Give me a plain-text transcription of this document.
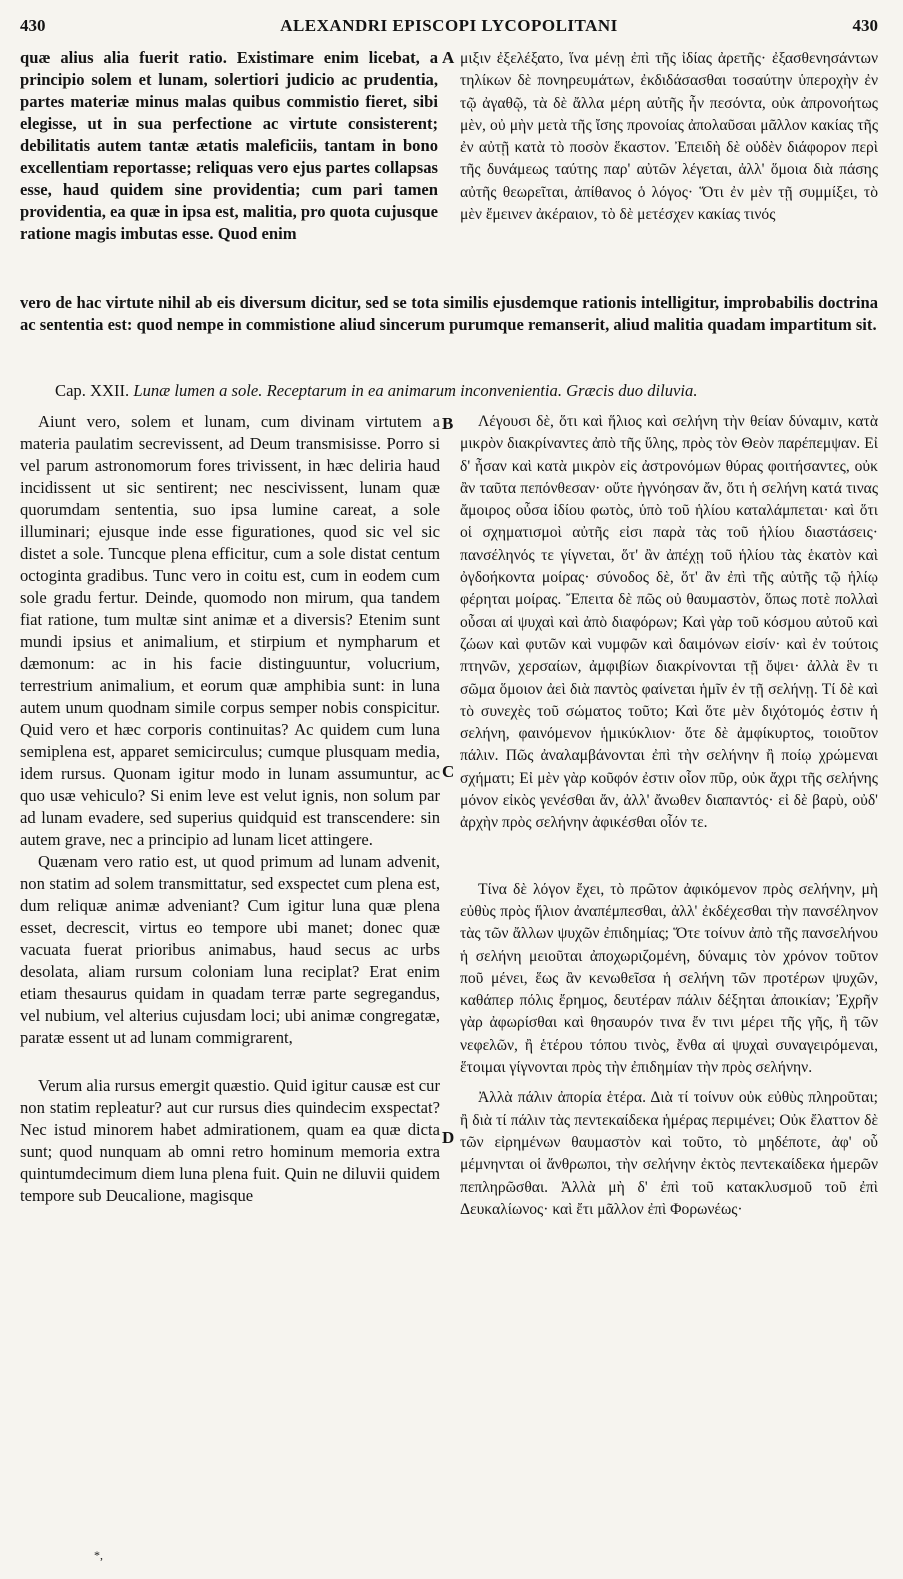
430	ALEXANDRI EPISCOPI LYCOPOLITANI	430

quæ alius alia fuerit ratio. Existimare enim licebat, a principio solem et lunam, solertiori judicio ac prudentia, partes materiæ minus malas quibus commistio fieret, sibi elegisse, ut in sua perfectione ac virtute consisterent; debilitatis autem tantæ ætatis maleficiis, tantam in bono excellentiam reportasse; reliquas vero ejus partes collapsas esse, haud quidem sine providentia; cum pari tamen providentia, ea quæ in ipsa est, malitia, pro quota cujusque ratione magis imbutas esse. Quod enim

A μιξιν ἐξελέξατο, ἵνα μένῃ ἐπὶ τῆς ἰδίας ἀρετῆς· ἐξασθενησάντων τηλίκων δὲ πονηρευμάτων, ἐκδιδάσασθαι τοσαύτην ὑπεροχὴν ἐν τῷ ἀγαθῷ, τὰ δὲ ἄλλα μέρη αὐτῆς ἦν πεσόντα, οὐκ ἀπρονοήτως μὲν, οὐ μὴν μετὰ τῆς ἴσης προνοίας ἀπολαῦσαι μᾶλλον κακίας τῆς ἐν αὐτῇ κατὰ τὸ ποσὸν ἕκαστον. Ἐπειδὴ δὲ οὐδὲν διάφορον περὶ τῆς δυνάμεως ταύτης παρ' αὐτῶν λέγεται, ἀλλ' ὅμοια διὰ πάσης αὐτῆς θεωρεῖται, ἀπίθανος ὁ λόγος· Ὅτι ἐν μὲν τῇ συμμίξει, τὸ μὲν ἔμεινεν ἀκέραιον, τὸ δὲ μετέσχεν κακίας τινός

vero de hac virtute nihil ab eis diversum dicitur, sed se tota similis ejusdemque rationis intelligitur, improbabilis doctrina ac sententia est: quod nempe in commistione aliud sincerum purumque remanserit, aliud malitia quadam impartitum sit.

Cap. XXII. Lunæ lumen a sole. Receptarum in ea animarum inconvenientia. Græcis duo diluvia.

Aiunt vero, solem et lunam, cum divinam virtutem a materia paulatim secrevissent, ad Deum transmisisse. Porro si vel parum astronomorum fores trivissent, in hæc deliria haud incidissent ut sic sentirent; nec nescivissent, lunam quæ quorumdam sententia, suo ipsa lumine careat, a sole illuminari; ejusque inde esse figurationes, quod sic vel sic distet a sole. Tuncque plena efficitur, cum a sole distat centum octoginta gradibus. Tunc vero in coitu est, cum in eodem cum sole gradu fertur. Deinde, quomodo non mirum, qua tandem fiat ratione, tum multæ sint animæ et a diversis? Etenim sunt mundi ipsius et animalium, et stirpium et nympharum et dæmonum: ac in his facie distinguuntur, volucrium, terrestrium animalium, et eorum quæ amphibia sunt: in luna autem unum quodnam simile corpus semper nobis conspicitur. Quid vero et hæc corporis continuitas? Ac quidem cum luna semiplena est, apparet semicirculus; cumque plusquam media, idem rursus. Quonam igitur modo in lunam assumuntur, ac quo usæ vehiculo? Si enim leve est velut ignis, non solum par ad lunam evadere, sed superius quidquid est transcendere: sin autem grave, nec a principio ad lunam licet attingere.

Quænam vero ratio est, ut quod primum ad lunam advenit, non statim ad solem transmittatur, sed exspectet cum plena est, dum reliquæ animæ adveniant? Cum igitur luna quæ plena esset, decrescit, virtus eo tempore ubi manet; donec quæ vacuata fuerat prioribus animabus, haud secus ac urbs desolata, aliam rursum coloniam luna reciplat? Erat enim etiam thesaurus quidam in quadam terræ parte segregandus, vel nubium, vel alterius cujusdam loci; ubi animæ congregatæ, paratæ essent ut ad lunam commigrarent,

Verum alia rursus emergit quæstio. Quid igitur causæ est cur non statim repleatur? aut cur rursus dies quindecim exspectat? Nec istud minorem habet admirationem, quam ea quæ dicta sunt; quod nunquam ab omni retro hominum memoria extra quintumdecimum diem luna plena fuit. Quin ne diluvii quidem tempore sub Deucalione, magisque

B
C
D

Λέγουσι δὲ, ὅτι καὶ ἥλιος καὶ σελήνη τὴν θείαν δύναμιν, κατὰ μικρὸν διακρίναντες ἀπὸ τῆς ὕλης, πρὸς τὸν Θεὸν παρέπεμψαν. Εἰ δ' ἦσαν καὶ κατὰ μικρὸν εἰς ἀστρονόμων θύρας φοιτήσαντες, οὐκ ἂν ταῦτα πεπόνθεσαν· οὔτε ἠγνόησαν ἄν, ὅτι ἡ σελήνη κατά τινας ἄμοιρος οὖσα ἰδίου φωτὸς, ὑπὸ τοῦ ἡλίου καταλάμπεται· καὶ ὅτι οἱ σχηματισμοὶ αὐτῆς εἰσι παρὰ τὰς τοῦ ἡλίου διαστάσεις· πανσέληνός τε γίγνεται, ὅτ' ἂν ἀπέχῃ τοῦ ἡλίου τὰς ἑκατὸν καὶ ὀγδοήκοντα μοίρας· σύνοδος δὲ, ὅτ' ἂν ἐπὶ τῆς αὐτῆς τῷ ἡλίῳ φέρηται μοίρας. Ἔπειτα δὲ πῶς οὐ θαυμαστὸν, ὅπως ποτὲ πολλαὶ οὖσαι αἱ ψυχαὶ καὶ ἀπὸ διαφόρων; Καὶ γὰρ τοῦ κόσμου αὐτοῦ καὶ ζώων καὶ φυτῶν καὶ νυμφῶν καὶ δαιμόνων εἰσίν· καὶ ἐν τούτοις πτηνῶν, χερσαίων, ἀμφιβίων διακρίνονται τῇ ὄψει· ἀλλὰ ἓν τι σῶμα ὅμοιον ἀεὶ διὰ παντὸς φαίνεται ἡμῖν ἐν τῇ σελήνῃ. Τί δὲ καὶ τὸ συνεχὲς τοῦ σώματος τοῦτο; Καὶ ὅτε μὲν διχότομός ἐστιν ἡ σελήνη, φαινόμενον ἡμικύκλιον· ὅτε δὲ ἀμφίκυρτος, τοιοῦτον πάλιν. Πῶς ἀναλαμβάνονται ἐπὶ τὴν σελήνην ἢ ποίῳ χρώμεναι σχήματι; Εἰ μὲν γὰρ κοῦφόν ἐστιν οἷον πῦρ, οὐκ ἄχρι τῆς σελήνης μόνον εἰκὸς γενέσθαι ἄν, ἀλλ' ἄνωθεν διαπαντός· εἰ δὲ βαρὺ, οὐδ' ἀρχὴν πρὸς σελήνην ἀφικέσθαι οἷόν τε.

Τίνα δὲ λόγον ἔχει, τὸ πρῶτον ἀφικόμενον πρὸς σελήνην, μὴ εὐθὺς πρὸς ἥλιον ἀναπέμπεσθαι, ἀλλ' ἐκδέχεσθαι τὴν πανσέληνον τὰς τῶν ἄλλων ψυχῶν ἐπιδημίας; Ὅτε τοίνυν ἀπὸ τῆς πανσελήνου ἡ σελήνη μειοῦται ἀποχωριζομένη, δύναμις τὸν χρόνον τοῦτον ποῦ μένει, ἕως ἂν κενωθεῖσα ἡ σελήνη τῶν προτέρων ψυχῶν, καθάπερ πόλις ἔρημος, δευτέραν πάλιν δέξηται ἀποικίαν; Ἐχρῆν γὰρ ἀφωρίσθαι καὶ θησαυρόν τινα ἔν τινι μέρει τῆς γῆς, ἢ τῶν νεφελῶν, ἢ ἑτέρου τόπου τινὸς, ἔνθα αἱ ψυχαὶ συναγειρόμεναι, ἕτοιμαι γίγνονται πρὸς τὴν ἐπιδημίαν τὴν πρὸς σελήνην.

Ἀλλὰ πάλιν ἀπορία ἑτέρα. Διὰ τί τοίνυν οὐκ εὐθὺς πληροῦται; ἢ διὰ τί πάλιν τὰς πεντεκαίδεκα ἡμέρας περιμένει; Οὐκ ἔλαττον δὲ τῶν εἰρημένων θαυμαστὸν καὶ τοῦτο, τὸ μηδέποτε, ἀφ' οὗ μέμνηνται οἱ ἄνθρωποι, τὴν σελήνην ἐκτὸς πεντεκαίδεκα ἡμερῶν πεπληρῶσθαι. Ἀλλὰ μὴ δ' ἐπὶ τοῦ κατακλυσμοῦ τοῦ ἐπὶ Δευκαλίωνος· καὶ ἔτι μᾶλλον ἐπὶ Φορωνέως·

*,
